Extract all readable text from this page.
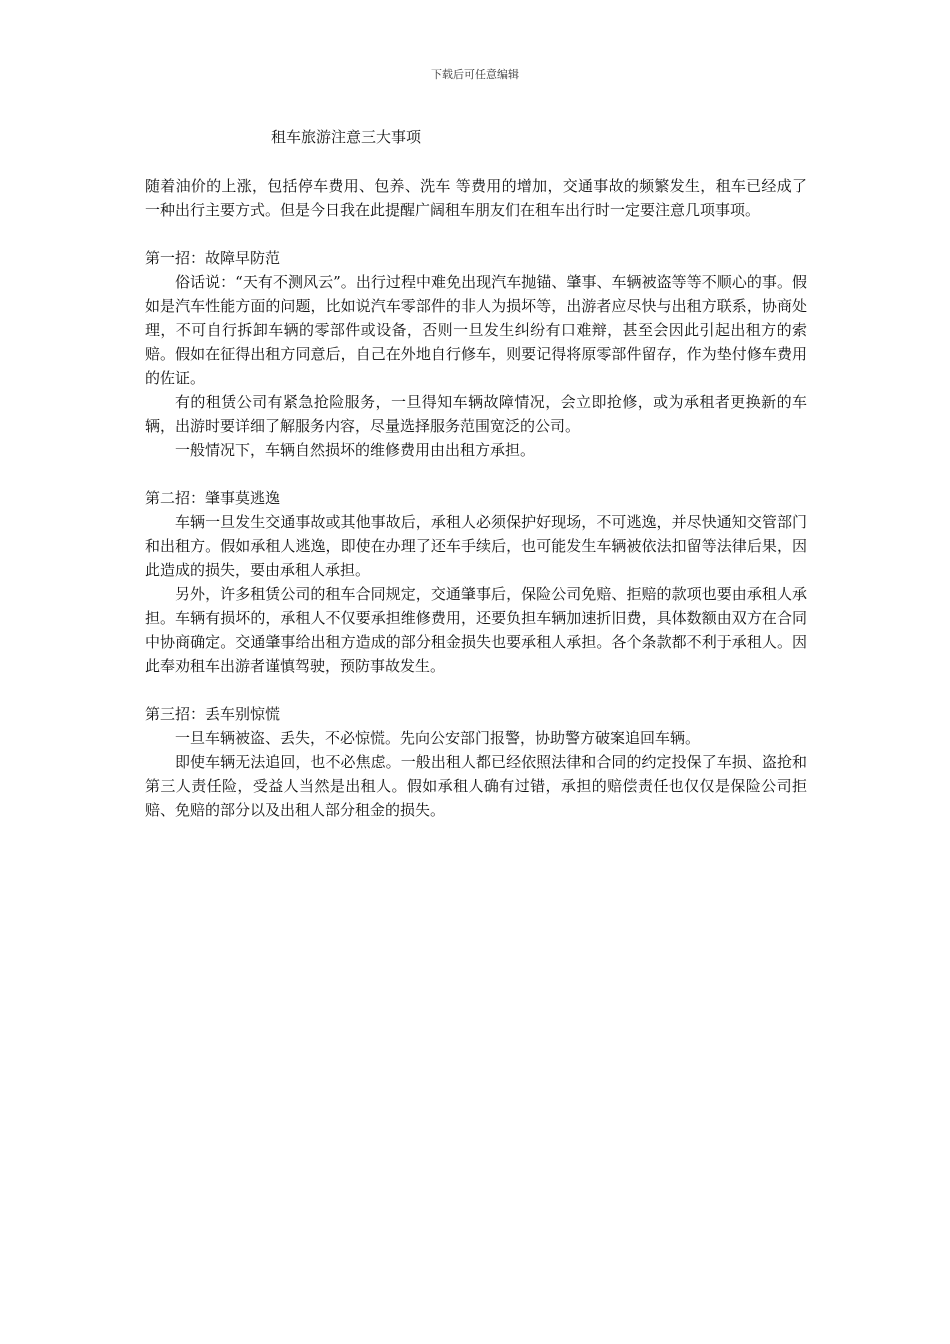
下载后可任意编辑
租车旅游注意三大事项

随着油价的上涨，包括停车费用、包养、洗车 等费用的增加，交通事故的频繁发生，租车已经成了一种出行主要方式。但是今日我在此提醒广阔租车朋友们在租车出行时一定要注意几项事项。

第一招：故障早防范

俗话说：“天有不测风云”。出行过程中难免出现汽车抛锚、肇事、车辆被盗等等不顺心的事。假如是汽车性能方面的问题，比如说汽车零部件的非人为损坏等，出游者应尽快与出租方联系，协商处理，不可自行拆卸车辆的零部件或设备，否则一旦发生纠纷有口难辩，甚至会因此引起出租方的索赔。假如在征得出租方同意后，自己在外地自行修车，则要记得将原零部件留存，作为垫付修车费用的佐证。

有的租赁公司有紧急抢险服务，一旦得知车辆故障情况，会立即抢修，或为承租者更换新的车辆，出游时要详细了解服务内容，尽量选择服务范围宽泛的公司。

一般情况下，车辆自然损坏的维修费用由出租方承担。

第二招：肇事莫逃逸

车辆一旦发生交通事故或其他事故后，承租人必须保护好现场，不可逃逸，并尽快通知交管部门和出租方。假如承租人逃逸，即使在办理了还车手续后，也可能发生车辆被依法扣留等法律后果，因此造成的损失，要由承租人承担。

另外，许多租赁公司的租车合同规定，交通肇事后，保险公司免赔、拒赔的款项也要由承租人承担。车辆有损坏的，承租人不仅要承担维修费用，还要负担车辆加速折旧费，具体数额由双方在合同中协商确定。交通肇事给出租方造成的部分租金损失也要承租人承担。各个条款都不利于承租人。因此奉劝租车出游者谨慎驾驶，预防事故发生。

第三招：丢车别惊慌

一旦车辆被盗、丢失，不必惊慌。先向公安部门报警，协助警方破案追回车辆。

即使车辆无法追回，也不必焦虑。一般出租人都已经依照法律和合同的约定投保了车损、盗抢和第三人责任险，受益人当然是出租人。假如承租人确有过错，承担的赔偿责任也仅仅是保险公司拒赔、免赔的部分以及出租人部分租金的损失。
